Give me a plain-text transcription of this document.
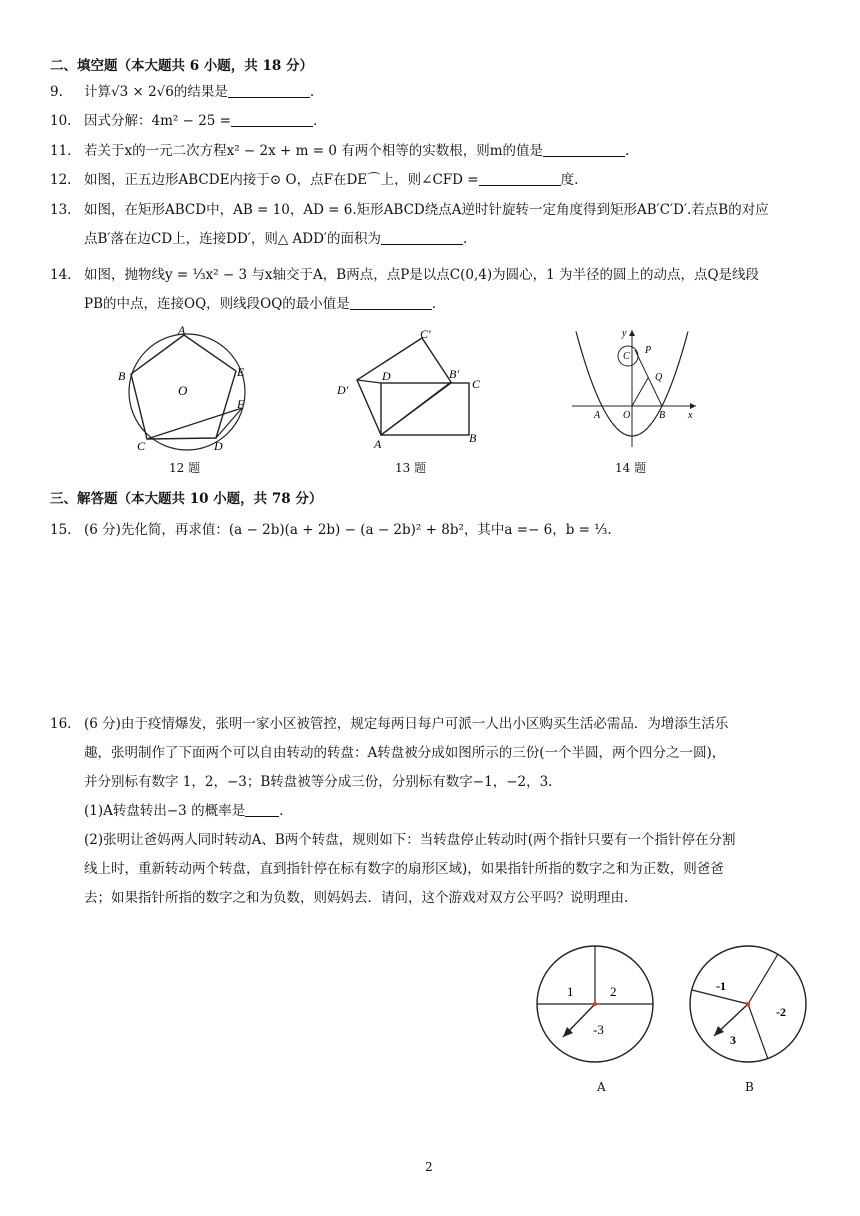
二、填空题（本大题共 6 小题，共 18 分）
9. 计算√3 × 2√6的结果是	.
10. 因式分解：4m² − 25 =	.
11. 若关于x的一元二次方程x² − 2x + m = 0 有两个相等的实数根，则m的值是	.
12. 如图，正五边形ABCDE内接于⊙ O，点F在DE⌒上，则∠CFD =	度.
13. 如图，在矩形ABCD中，AB = 10，AD = 6.矩形ABCD绕点A逆时针旋转一定角度得到矩形AB′C′D′.若点B的对应
点B′落在边CD上，连接DD′，则△ ADD′的面积为	.
14. 如图，抛物线y = ⅓x² − 3 与x轴交于A，B两点，点P是以点C(0,4)为圆心，1 为半径的圆上的动点，点Q是线段
PB的中点，连接OQ，则线段OQ的最小值是	.
A
B
C	D
E
F
O
12 题
C′
D′
D	B′
C
A	B
13 题
y
C
P
Q
A O	B x
14 题
三、解答题（本大题共 10 小题，共 78 分）
15. (6 分)先化简，再求值：(a − 2b)(a + 2b) − (a − 2b)² + 8b²，其中a =− 6，b = ⅓.
16. (6 分)由于疫情爆发，张明一家小区被管控，规定每两日每户可派一人出小区购买生活必需品．为增添生活乐
趣，张明制作了下面两个可以自由转动的转盘：A转盘被分成如图所示的三份(一个半圆，两个四分之一圆)，
并分别标有数字 1，2，−3；B转盘被等分成三份，分别标有数字−1，−2，3.
(1)A转盘转出−3 的概率是	.
(2)张明让爸妈两人同时转动A、B两个转盘，规则如下：当转盘停止转动时(两个指针只要有一个指针停在分割
线上时，重新转动两个转盘，直到指针停在标有数字的扇形区域)，如果指针所指的数字之和为正数，则爸爸
去；如果指针所指的数字之和为负数，则妈妈去．请问，这个游戏对双方公平吗？说明理由.
1	2
-3
A
-1
-2
3
B
2
